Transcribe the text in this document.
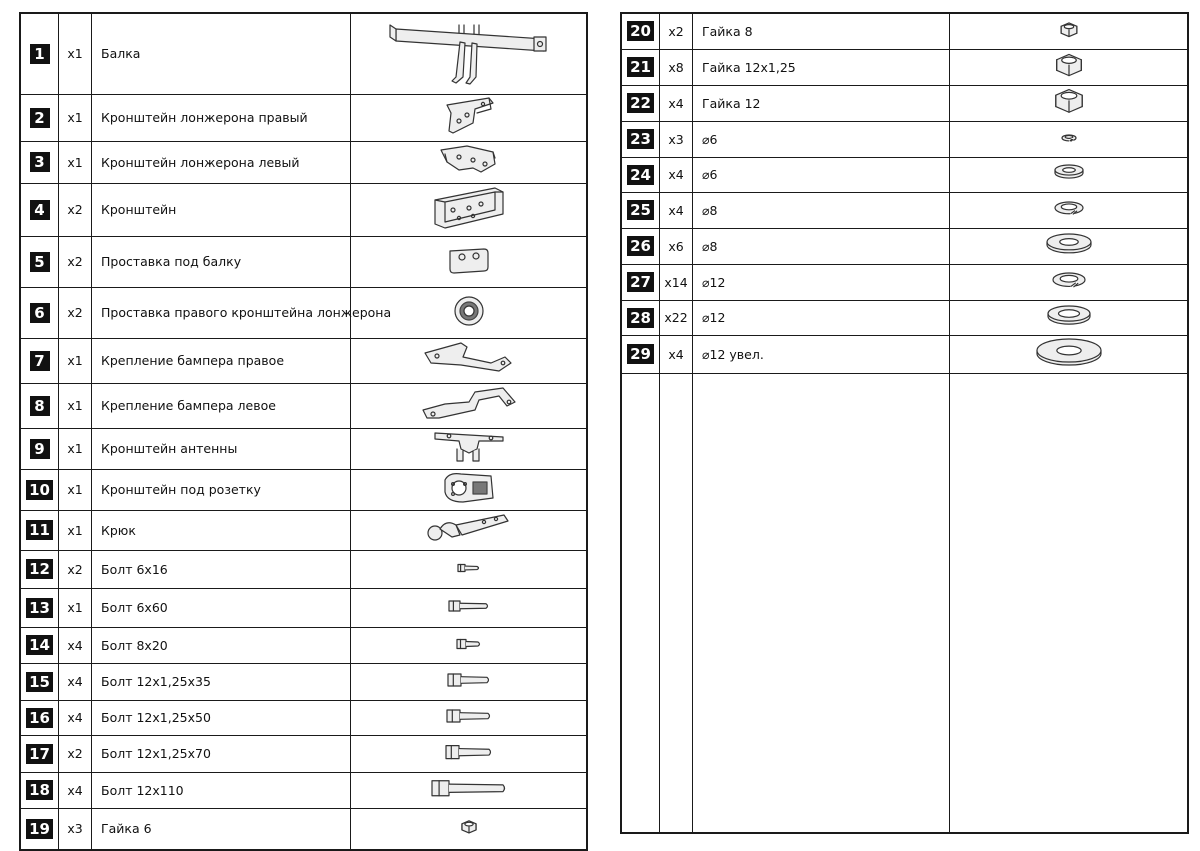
1	x1	Балка	

2	x1	Кронштейн лонжерона правый	

3	x1	Кронштейн лонжерона левый	

4	x2	Кронштейн	

5	x2	Проставка под балку	

6	x2	Проставка правого кронштейна лонжерона	

7	x1	Крепление бампера правое	

8	x1	Крепление бампера левое	

9	x1	Кронштейн антенны	

10	x1	Кронштейн под розетку	

11	x1	Крюк	

12	x2	Болт 6х16	

13	x1	Болт 6х60	

14	x4	Болт 8х20	

15	x4	Болт 12х1,25х35	

16	x4	Болт 12х1,25х50	

17	x2	Болт 12х1,25х70	

18	x4	Болт 12х110	

19	x3	Гайка 6	
20	x2	Гайка 8	

21	x8	Гайка 12х1,25	

22	x4	Гайка 12	

23	x3	⌀6	

24	x4	⌀6	

25	x4	⌀8	

26	x6	⌀8	

27	x14	⌀12	

28	x22	⌀12	

29	x4	⌀12 увел.	
